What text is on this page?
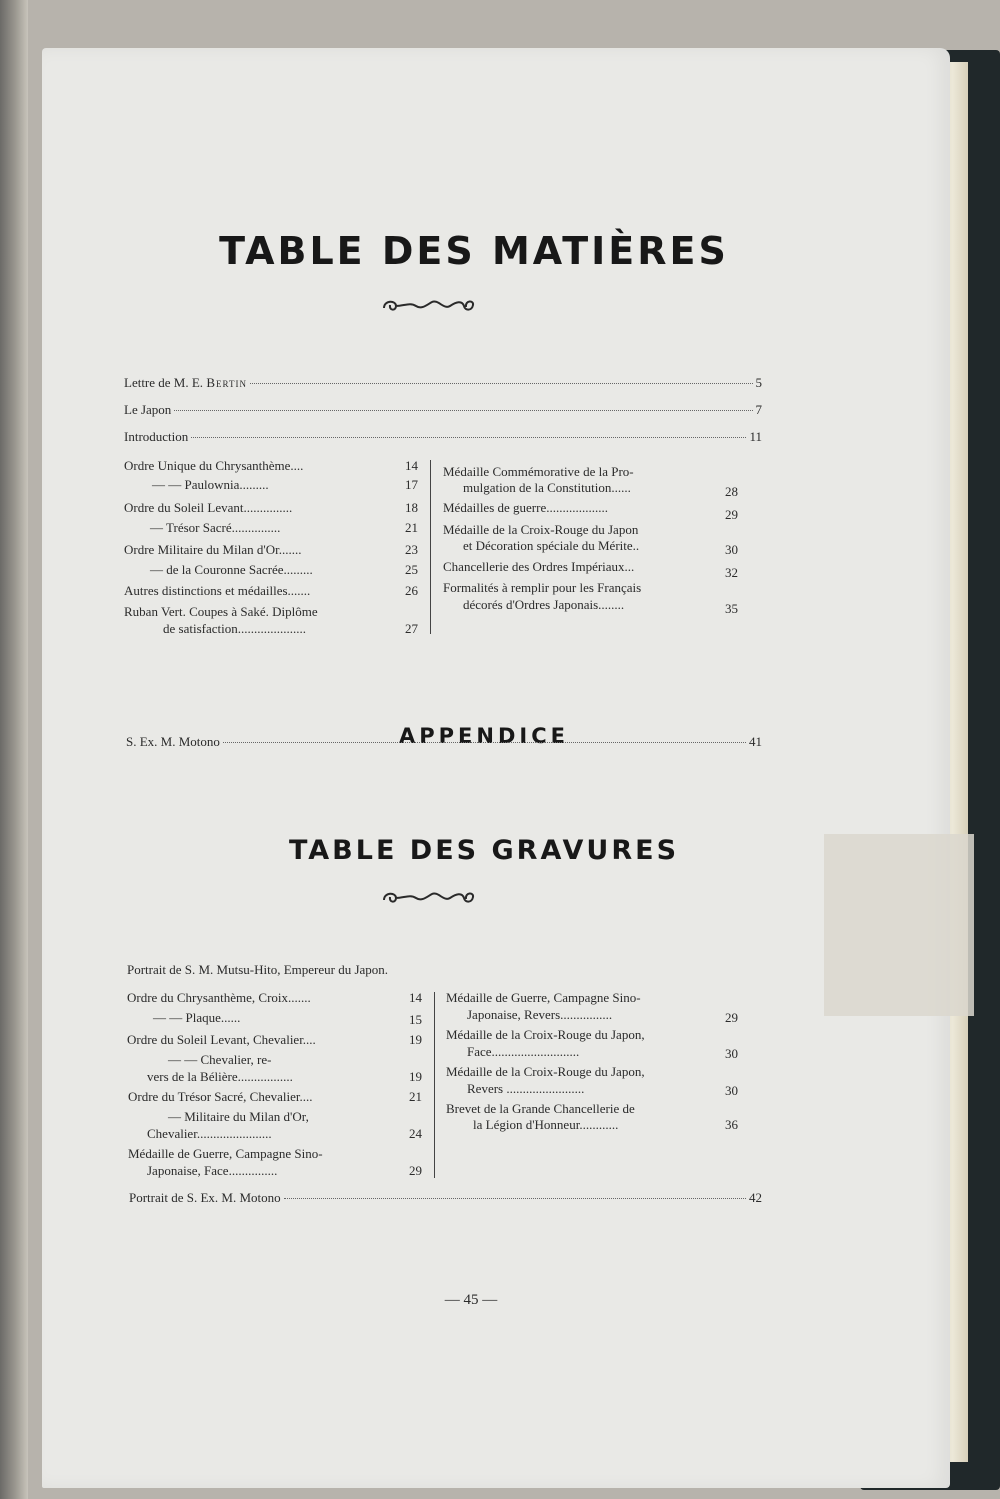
TABLE DES MATIÈRES
Lettre de M. E. Bertin	5
Le Japon	7
Introduction	11
Ordre Unique du Chrysanthème....	14
— — Paulownia.........	17
Ordre du Soleil Levant...............	18
— Trésor Sacré...............	21
Ordre Militaire du Milan d'Or.......	23
— de la Couronne Sacrée.........	25
Autres distinctions et médailles.......	26
Ruban Vert. Coupes à Saké. Diplôme
de satisfaction.....................	27
Médaille Commémorative de la Pro-
mulgation de la Constitution......	28
Médailles de guerre...................	29
Médaille de la Croix-Rouge du Japon
et Décoration spéciale du Mérite..	30
Chancellerie des Ordres Impériaux...	32
Formalités à remplir pour les Français
décorés d'Ordres Japonais........	35
APPENDICE
S. Ex. M. Motono	41
TABLE DES GRAVURES
Portrait de S. M. Mutsu-Hito, Empereur du Japon.
Ordre du Chrysanthème, Croix.......	14
— — Plaque......	15
Ordre du Soleil Levant, Chevalier....	19
— — Chevalier, re-
vers de la Bélière.................	19
Ordre du Trésor Sacré, Chevalier....	21
— Militaire du Milan d'Or,
Chevalier.......................	24
Médaille de Guerre, Campagne Sino-
Japonaise, Face...............	29
Médaille de Guerre, Campagne Sino-
Japonaise, Revers................	29
Médaille de la Croix-Rouge du Japon,
Face...........................	30
Médaille de la Croix-Rouge du Japon,
Revers ........................	30
Brevet de la Grande Chancellerie de
la Légion d'Honneur............	36
Portrait de S. Ex. M. Motono	42
— 45 —
